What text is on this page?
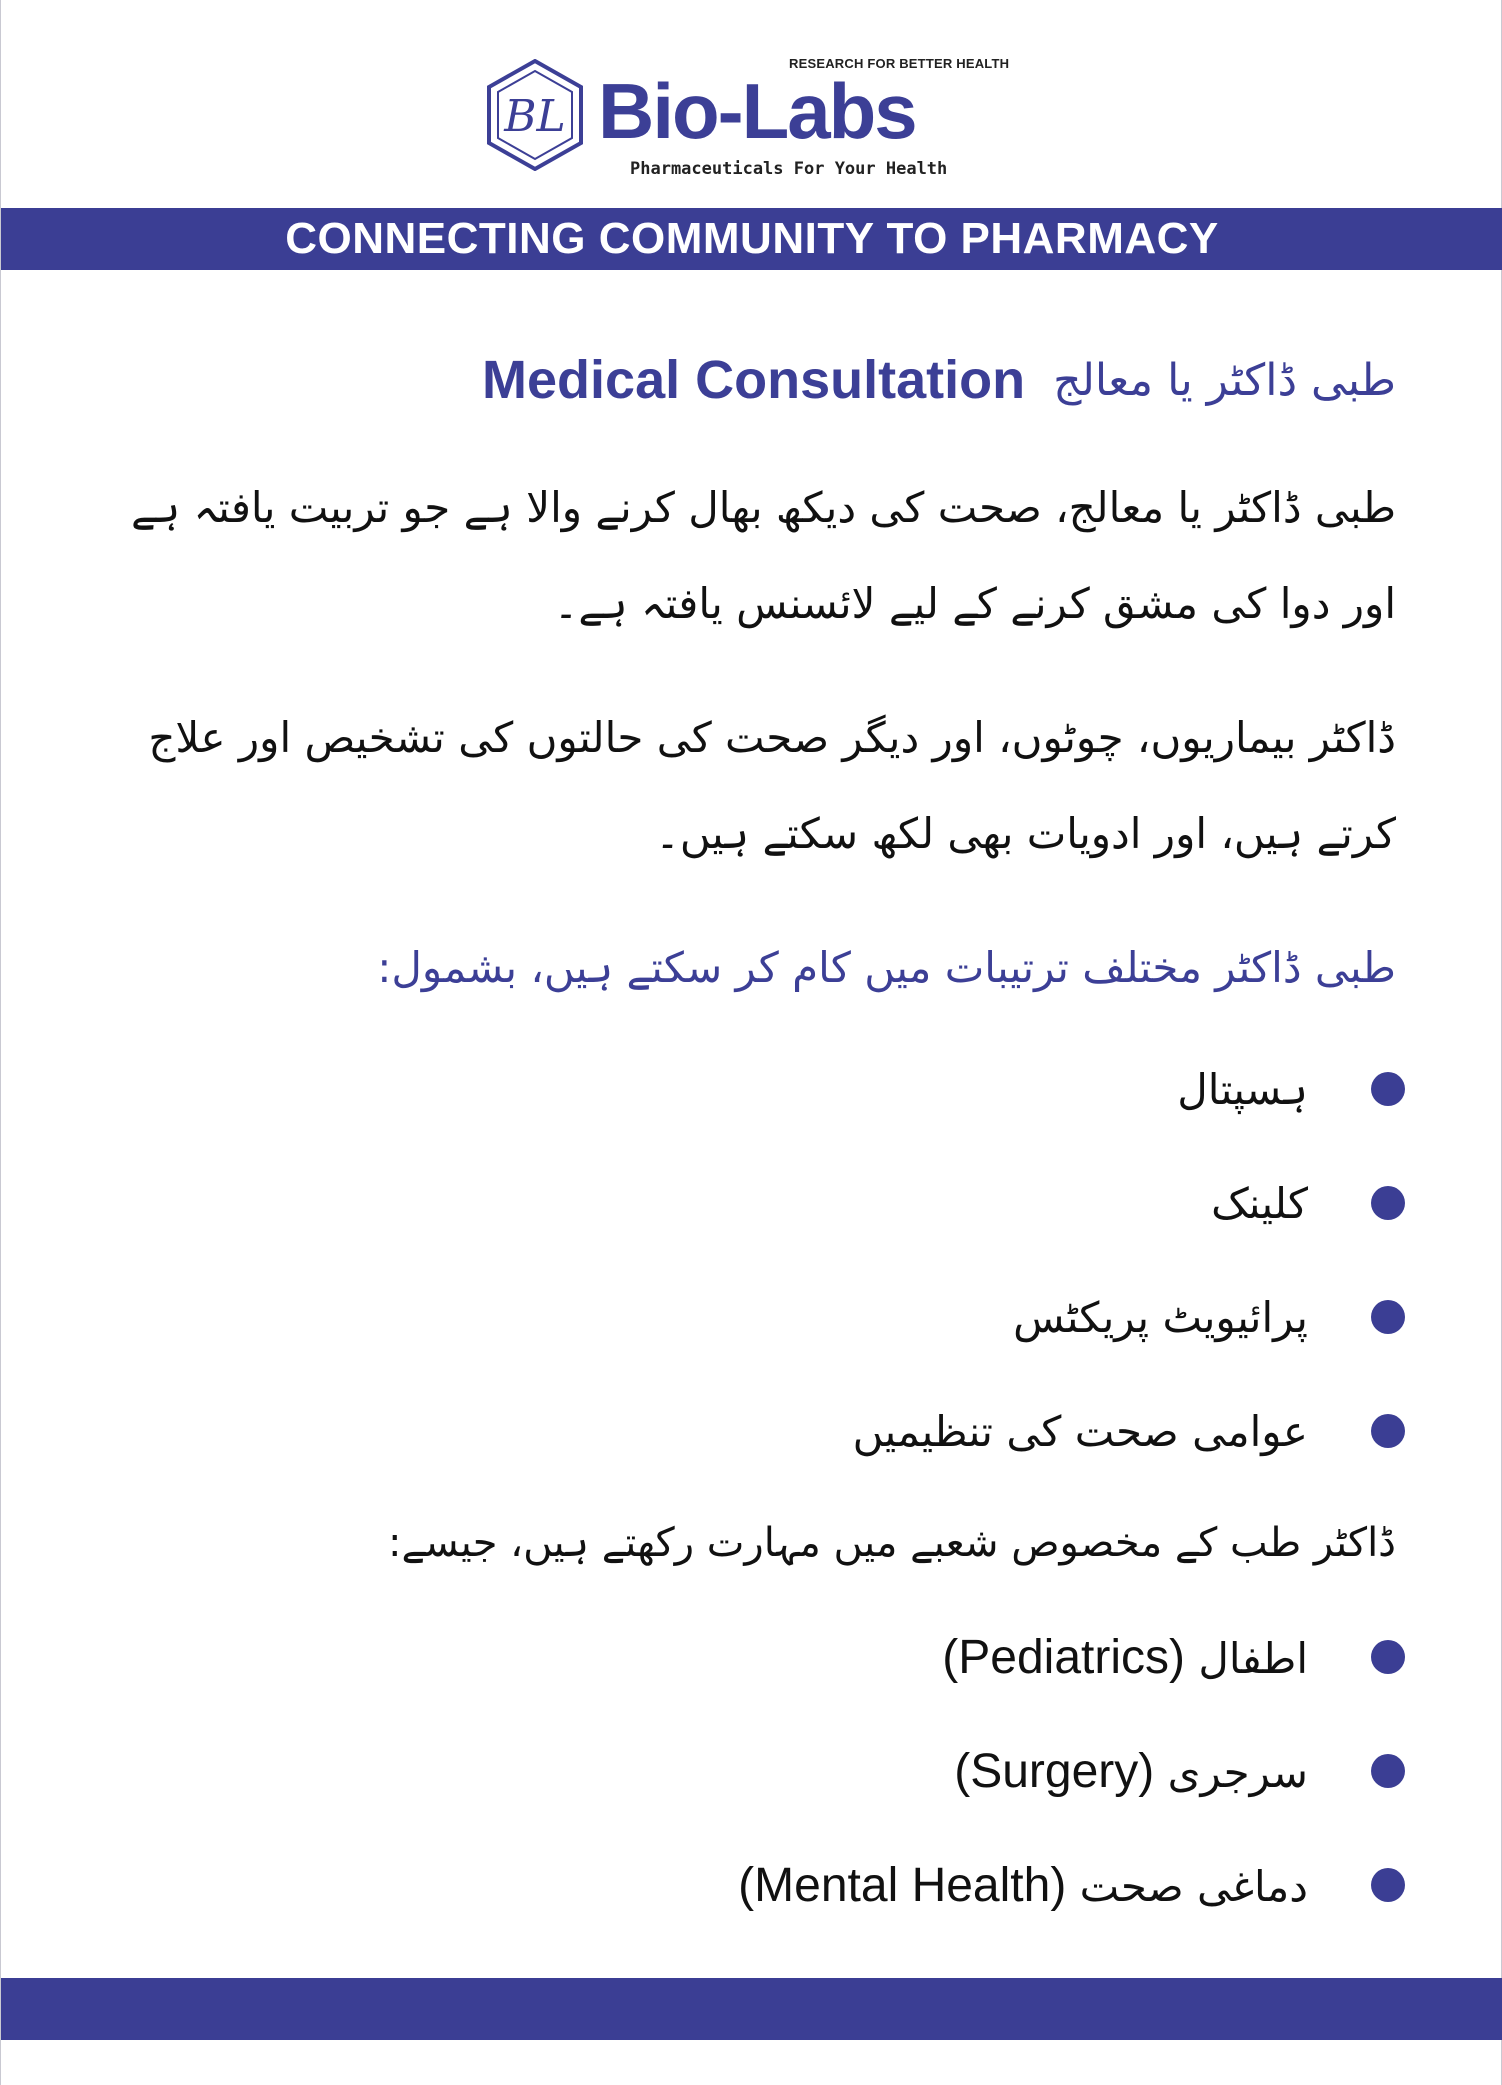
BL
RESEARCH FOR BETTER HEALTH
Bio-Labs
Pharmaceuticals For Your Health
CONNECTING COMMUNITY TO PHARMACY
طبی ڈاکٹر یا معالج
Medical Consultation
طبی ڈاکٹر یا معالج، صحت کی دیکھ بھال کرنے والا ہے جو تربیت یافتہ ہے اور دوا کی مشق کرنے کے لیے لائسنس یافتہ ہے۔
ڈاکٹر بیماریوں، چوٹوں، اور دیگر صحت کی حالتوں کی تشخیص اور علاج کرتے ہیں، اور ادویات بھی لکھ سکتے ہیں۔
طبی ڈاکٹر مختلف ترتیبات میں کام کر سکتے ہیں، بشمول:
ہسپتال
کلینک
پرائیویٹ پریکٹس
عوامی صحت کی تنظیمیں
ڈاکٹر طب کے مخصوص شعبے میں مہارت رکھتے ہیں، جیسے:
اطفال (Pediatrics)
سرجری (Surgery)
دماغی صحت (Mental Health)
